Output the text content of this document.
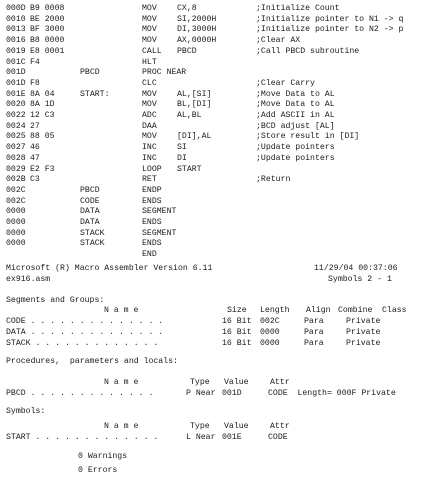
000D B9 0008	MOV CX,8	;Initialize Count
0010 BE 2000	MOV SI,2000H	;Initialize pointer to N1 -> q
0013 BF 3000	MOV DI,3000H	;Initialize pointer to N2 -> p
0016 B8 0000	MOV AX,0000H	;Clear AX
0019 E8 0001	CALL PBCD	;Call PBCD subroutine
001C F4	HLT
001D	PBCD	PROC NEAR
001D F8	CLC	;Clear Carry
001E 8A 04	START:	MOV AL,[SI]	;Move Data to AL
0020 8A 1D	MOV BL,[DI]	;Move Data to AL
0022 12 C3	ADC AL,BL	;Add ASCII in AL
0024 27	DAA	;BCD adjust [AL]
0025 88 05	MOV [DI],AL	;Store result in [DI]
0027 46	INC SI	;Update pointers
0028 47	INC DI	;Update pointers
0029 E2 F3	LOOP START
002B C3	RET	;Return
002C	PBCD	ENDP
002C	CODE	ENDS
0000	DATA	SEGMENT
0000	DATA	ENDS
0000	STACK	SEGMENT
0000	STACK	ENDS
END
Microsoft (R) Macro Assembler Version 6.11	11/29/04 00:37:06
ex916.asm	Symbols 2 - 1
Segments and Groups:
N a m e	Size Length Align Combine Class
CODE . . . . . . . . . . . . . .	16 Bit 002C	Para	Private
DATA . . . . . . . . . . . . . .	16 Bit 0000	Para	Private
STACK . . . . . . . . . . . . .	16 Bit 0000	Para	Private
Procedures,  parameters and locals:
N a m e	Type Value	Attr
PBCD . . . . . . . . . . . . .	P Near 001D	CODE  Length= 000F Private
Symbols:
N a m e	Type Value	Attr
START . . . . . . . . . . . . .	L Near 001E	CODE
0 Warnings
0 Errors
